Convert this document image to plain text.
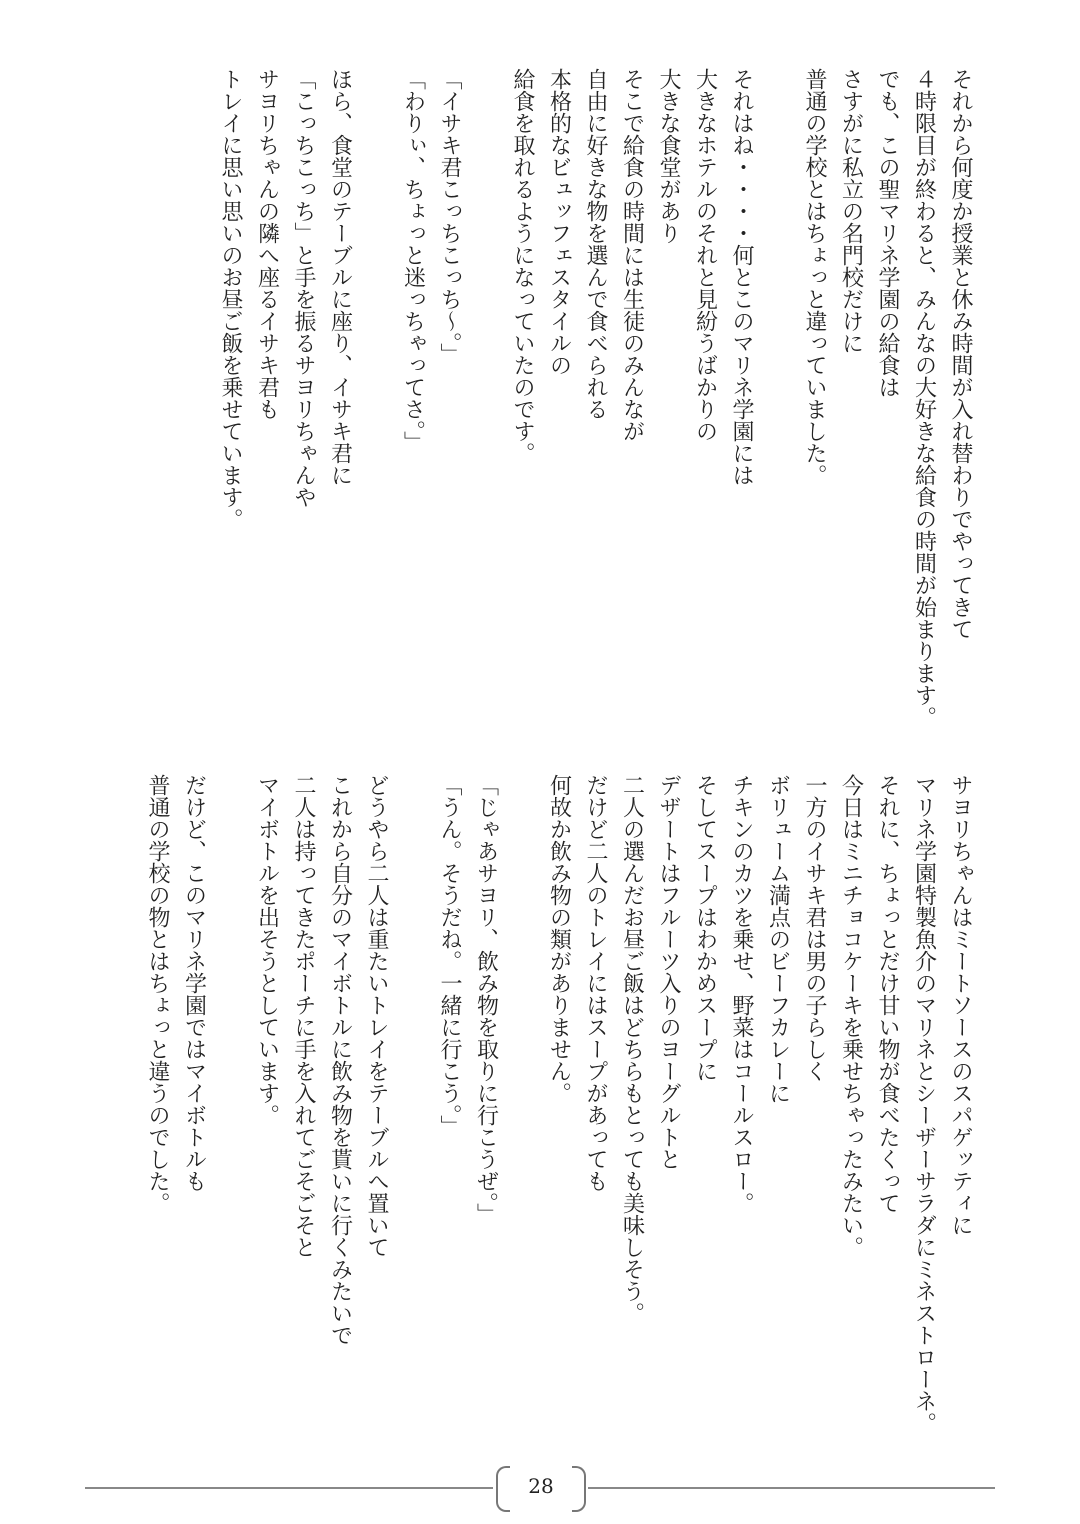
それから何度か授業と休み時間が入れ替わりでやってきて
４時限目が終わると、みんなの大好きな給食の時間が始まります。
でも、この聖マリネ学園の給食は
さすがに私立の名門校だけに
普通の学校とはちょっと違っていました。

それはね・・・・何とこのマリネ学園には
大きなホテルのそれと見紛うばかりの
大きな食堂があり
そこで給食の時間には生徒のみんなが
自由に好きな物を選んで食べられる
本格的なビュッフェスタイルの
給食を取れるようになっていたのです。

「イサキ君こっちこっち～。」
「わりぃ、ちょっと迷っちゃってさ。」

ほら、食堂のテーブルに座り、イサキ君に
「こっちこっち」と手を振るサヨリちゃんや
サヨリちゃんの隣へ座るイサキ君も
トレイに思い思いのお昼ご飯を乗せています。
サヨリちゃんはミートソースのスパゲッティに
マリネ学園特製魚介のマリネとシーザーサラダにミネストローネ。
それに、ちょっとだけ甘い物が食べたくって
今日はミニチョコケーキを乗せちゃったみたい。
一方のイサキ君は男の子らしく
ボリューム満点のビーフカレーに
チキンのカツを乗せ、野菜はコールスロー。
そしてスープはわかめスープに
デザートはフルーツ入りのヨーグルトと
二人の選んだお昼ご飯はどちらもとっても美味しそう。
だけど二人のトレイにはスープがあっても
何故か飲み物の類がありません。

「じゃあサヨリ、飲み物を取りに行こうぜ。」
「うん。そうだね。一緒に行こう。」

どうやら二人は重たいトレイをテーブルへ置いて
これから自分のマイボトルに飲み物を貰いに行くみたいで
二人は持ってきたポーチに手を入れてごそごそと
マイボトルを出そうとしています。

だけど、このマリネ学園ではマイボトルも
普通の学校の物とはちょっと違うのでした。
28
